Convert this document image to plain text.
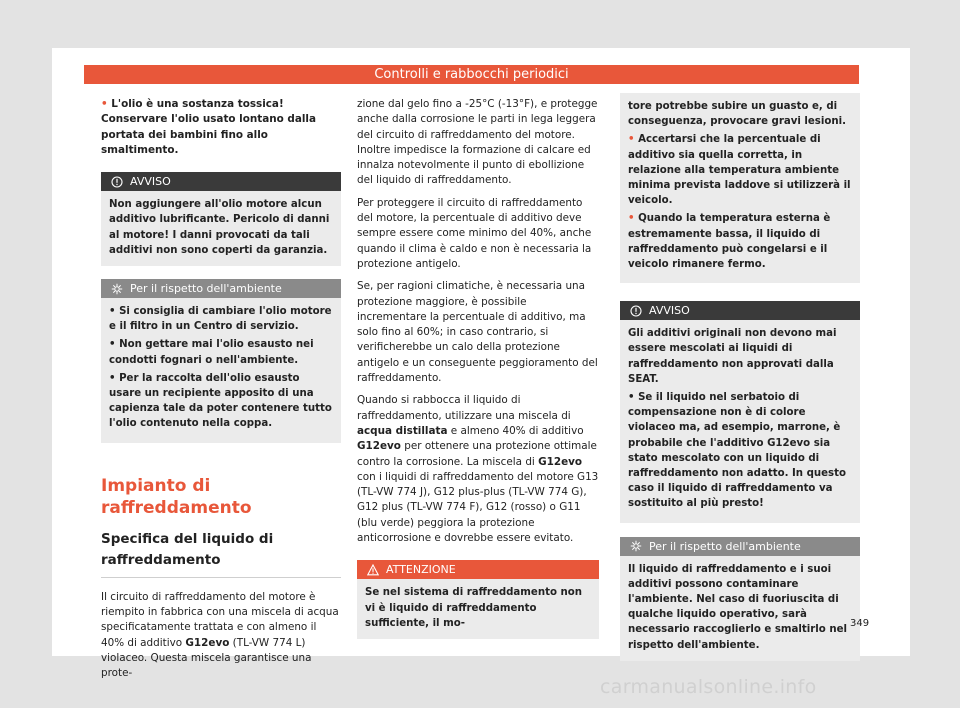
Controlli e rabbocchi periodici
• L'olio è una sostanza tossica! Conservare l'olio usato lontano dalla portata dei bambini fino allo smaltimento.
AVVISO
Non aggiungere all'olio motore alcun additivo lubrificante. Pericolo di danni al motore! I danni provocati da tali additivi non sono coperti da garanzia.
Per il rispetto dell'ambiente
• Si consiglia di cambiare l'olio motore e il filtro in un Centro di servizio.
• Non gettare mai l'olio esausto nei condotti fognari o nell'ambiente.
• Per la raccolta dell'olio esausto usare un recipiente apposito di una capienza tale da poter contenere tutto l'olio contenuto nella coppa.
Impianto di raffreddamento
Specifica del liquido di raffreddamento

Il circuito di raffreddamento del motore è riempito in fabbrica con una miscela di acqua specificatamente trattata e con almeno il 40% di additivo G12evo (TL-VW 774 L) violaceo. Questa miscela garantisce una prote-

zione dal gelo fino a -25°C (-13°F), e protegge anche dalla corrosione le parti in lega leggera del circuito di raffreddamento del motore. Inoltre impedisce la formazione di calcare ed innalza notevolmente il punto di ebollizione del liquido di raffreddamento.

Per proteggere il circuito di raffreddamento del motore, la percentuale di additivo deve sempre essere come minimo del 40%, anche quando il clima è caldo e non è necessaria la protezione antigelo.

Se, per ragioni climatiche, è necessaria una protezione maggiore, è possibile incrementare la percentuale di additivo, ma solo fino al 60%; in caso contrario, si verificherebbe un calo della protezione antigelo e un conseguente peggioramento del raffreddamento.

Quando si rabbocca il liquido di raffreddamento, utilizzare una miscela di acqua distillata e almeno 40% di additivo G12evo per ottenere una protezione ottimale contro la corrosione. La miscela di G12evo con i liquidi di raffreddamento del motore G13 (TL-VW 774 J), G12 plus-plus (TL-VW 774 G), G12 plus (TL-VW 774 F), G12 (rosso) o G11 (blu verde) peggiora la protezione anticorrosione e dovrebbe essere evitato.

ATTENZIONE
Se nel sistema di raffreddamento non vi è liquido di raffreddamento sufficiente, il mo-
tore potrebbe subire un guasto e, di conseguenza, provocare gravi lesioni.
• Accertarsi che la percentuale di additivo sia quella corretta, in relazione alla temperatura ambiente minima prevista laddove si utilizzerà il veicolo.
• Quando la temperatura esterna è estremamente bassa, il liquido di raffreddamento può congelarsi e il veicolo rimanere fermo.
AVVISO
Gli additivi originali non devono mai essere mescolati ai liquidi di raffreddamento non approvati dalla SEAT.
• Se il liquido nel serbatoio di compensazione non è di colore violaceo ma, ad esempio, marrone, è probabile che l'additivo G12evo sia stato mescolato con un liquido di raffreddamento non adatto. In questo caso il liquido di raffreddamento va sostituito al più presto!
Per il rispetto dell'ambiente
Il liquido di raffreddamento e i suoi additivi possono contaminare l'ambiente. Nel caso di fuoriuscita di qualche liquido operativo, sarà necessario raccoglierlo e smaltirlo nel rispetto dell'ambiente.
349
carmanualsonline.info
